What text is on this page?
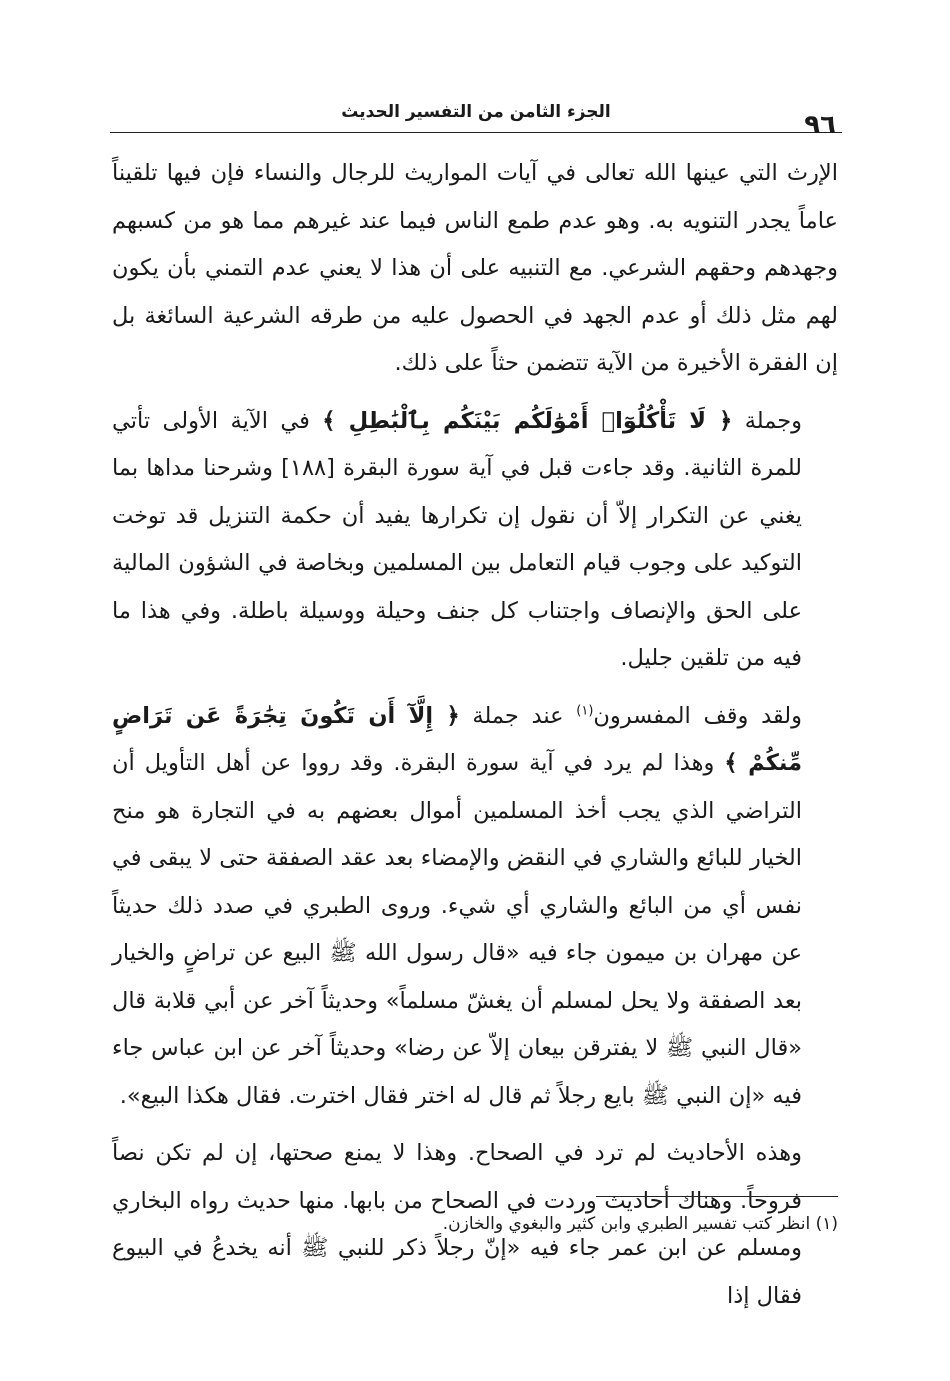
٩٦
الجزء الثامن من التفسير الحديث

الإرث التي عينها الله تعالى في آيات المواريث للرجال والنساء فإن فيها تلقيناً عاماً يجدر التنويه به. وهو عدم طمع الناس فيما عند غيرهم مما هو من كسبهم وجهدهم وحقهم الشرعي. مع التنبيه على أن هذا لا يعني عدم التمني بأن يكون لهم مثل ذلك أو عدم الجهد في الحصول عليه من طرقه الشرعية السائغة بل إن الفقرة الأخيرة من الآية تتضمن حثاً على ذلك.

وجملة ﴿ لَا تَأْكُلُوٓا۟ أَمْوَٰلَكُم بَيْنَكُم بِٱلْبَٰطِلِ ﴾ في الآية الأولى تأتي للمرة الثانية. وقد جاءت قبل في آية سورة البقرة [١٨٨] وشرحنا مداها بما يغني عن التكرار إلاّ أن نقول إن تكرارها يفيد أن حكمة التنزيل قد توخت التوكيد على وجوب قيام التعامل بين المسلمين وبخاصة في الشؤون المالية على الحق والإنصاف واجتناب كل جنف وحيلة ووسيلة باطلة. وفي هذا ما فيه من تلقين جليل.

ولقد وقف المفسرون$^{(١)}$ عند جملة ﴿ إِلَّآ أَن تَكُونَ تِجَٰرَةً عَن تَرَاضٍ مِّنكُمْ ﴾ وهذا لم يرد في آية سورة البقرة. وقد رووا عن أهل التأويل أن التراضي الذي يجب أخذ المسلمين أموال بعضهم به في التجارة هو منح الخيار للبائع والشاري في النقض والإمضاء بعد عقد الصفقة حتى لا يبقى في نفس أي من البائع والشاري أي شيء. وروى الطبري في صدد ذلك حديثاً عن مهران بن ميمون جاء فيه «قال رسول الله ﷺ البيع عن تراضٍ والخيار بعد الصفقة ولا يحل لمسلم أن يغشّ مسلماً» وحديثاً آخر عن أبي قلابة قال «قال النبي ﷺ لا يفترقن بيعان إلاّ عن رضا» وحديثاً آخر عن ابن عباس جاء فيه «إن النبي ﷺ بايع رجلاً ثم قال له اختر فقال اخترت. فقال هكذا البيع».

وهذه الأحاديث لم ترد في الصحاح. وهذا لا يمنع صحتها، إن لم تكن نصاً فروحاً. وهناك أحاديث وردت في الصحاح من بابها. منها حديث رواه البخاري ومسلم عن ابن عمر جاء فيه «إنّ رجلاً ذكر للنبي ﷺ أنه يخدعُ في البيوع فقال إذا

(١) انظر كتب تفسير الطبري وابن كثير والبغوي والخازن.
